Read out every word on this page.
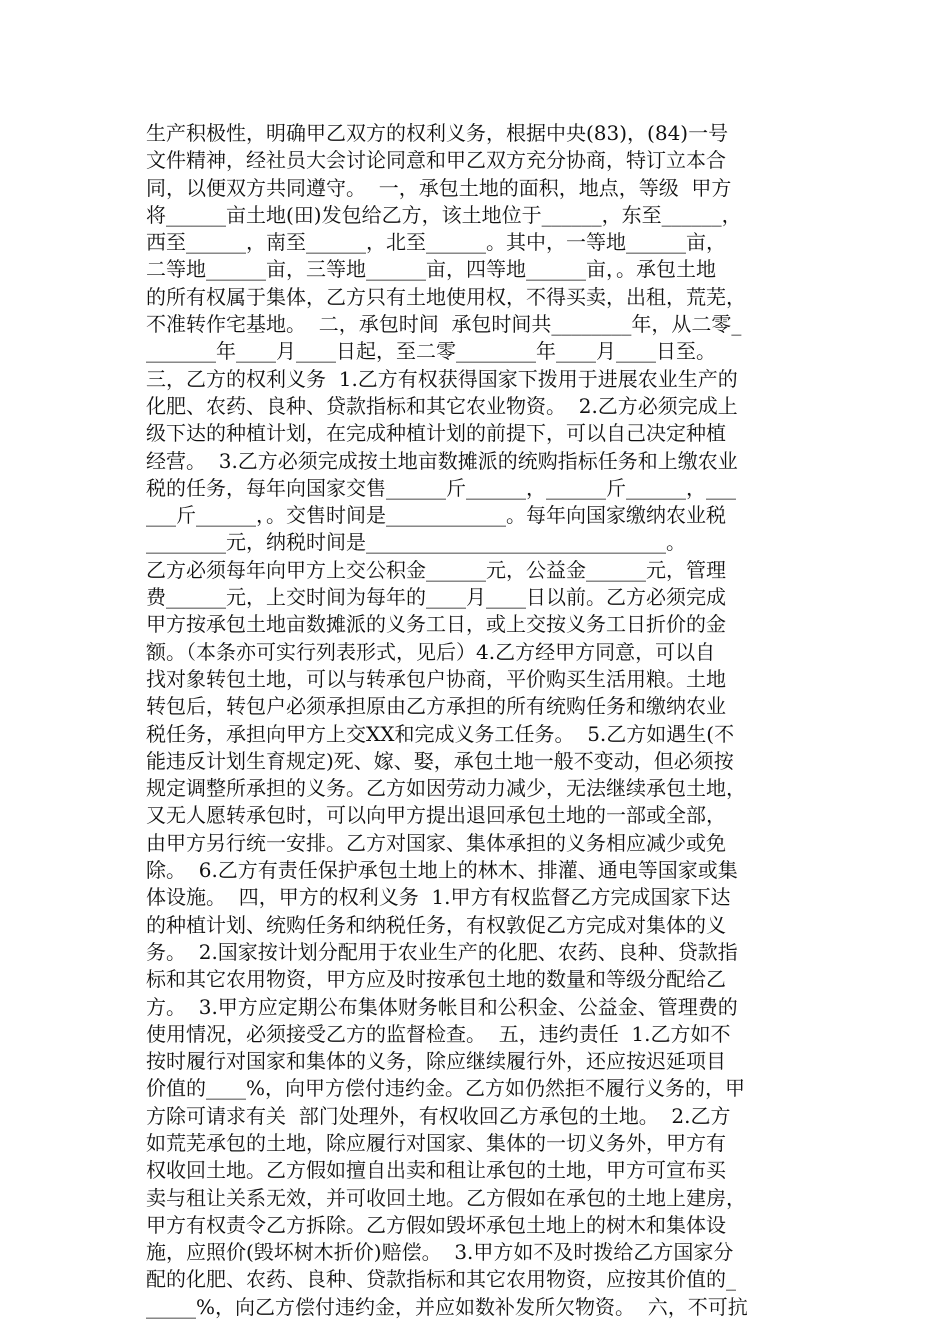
生产积极性，明确甲乙双方的权利义务，根据中央(83)，(84)一号
文件精神，经社员大会讨论同意和甲乙双方充分协商，特订立本合
同，以便双方共同遵守。  一，承包土地的面积，地点，等级  甲方
将______亩土地(田)发包给乙方，该土地位于______，东至______，
西至______，南至______，北至______。其中，一等地______亩，
二等地______亩，三等地______亩，四等地______亩，。承包土地
的所有权属于集体，乙方只有土地使用权，不得买卖，出租，荒芜，
不准转作宅基地。  二，承包时间  承包时间共________年，从二零_
_______年____月____日起，至二零________年____月____日至。
三，乙方的权利义务  1.乙方有权获得国家下拨用于进展农业生产的
化肥、农药、良种、贷款指标和其它农业物资。  2.乙方必须完成上
级下达的种植计划，在完成种植计划的前提下，可以自己决定种植
经营。  3.乙方必须完成按土地亩数摊派的统购指标任务和上缴农业
税的任务，每年向国家交售______斤______，______斤______，___
___斤______，。交售时间是____________。每年向国家缴纳农业税
________元，纳税时间是______________________________。
乙方必须每年向甲方上交公积金______元，公益金______元，管理
费______元，上交时间为每年的____月____日以前。乙方必须完成
甲方按承包土地亩数摊派的义务工日，或上交按义务工日折价的金
额。（本条亦可实行列表形式，见后）4.乙方经甲方同意，可以自
找对象转包土地，可以与转承包户协商，平价购买生活用粮。土地
转包后，转包户必须承担原由乙方承担的所有统购任务和缴纳农业
税任务，承担向甲方上交XX和完成义务工任务。  5.乙方如遇生(不
能违反计划生育规定)死、嫁、娶，承包土地一般不变动，但必须按
规定调整所承担的义务。乙方如因劳动力减少，无法继续承包土地，
又无人愿转承包时，可以向甲方提出退回承包土地的一部或全部，
由甲方另行统一安排。乙方对国家、集体承担的义务相应减少或免
除。  6.乙方有责任保护承包土地上的林木、排灌、通电等国家或集
体设施。  四，甲方的权利义务  1.甲方有权监督乙方完成国家下达
的种植计划、统购任务和纳税任务，有权敦促乙方完成对集体的义
务。  2.国家按计划分配用于农业生产的化肥、农药、良种、贷款指
标和其它农用物资，甲方应及时按承包土地的数量和等级分配给乙
方。  3.甲方应定期公布集体财务帐目和公积金、公益金、管理费的
使用情况，必须接受乙方的监督检查。  五，违约责任  1.乙方如不
按时履行对国家和集体的义务，除应继续履行外，还应按迟延项目
价值的____%，向甲方偿付违约金。乙方如仍然拒不履行义务的，甲
方除可请求有关  部门处理外，有权收回乙方承包的土地。  2.乙方
如荒芜承包的土地，除应履行对国家、集体的一切义务外，甲方有
权收回土地。乙方假如擅自出卖和租让承包的土地，甲方可宣布买
卖与租让关系无效，并可收回土地。乙方假如在承包的土地上建房，
甲方有权责令乙方拆除。乙方假如毁坏承包土地上的树木和集体设
施，应照价(毁坏树木折价)赔偿。  3.甲方如不及时拨给乙方国家分
配的化肥、农药、良种、贷款指标和其它农用物资，应按其价值的_
_____%，向乙方偿付违约金，并应如数补发所欠物资。  六，不可抗
